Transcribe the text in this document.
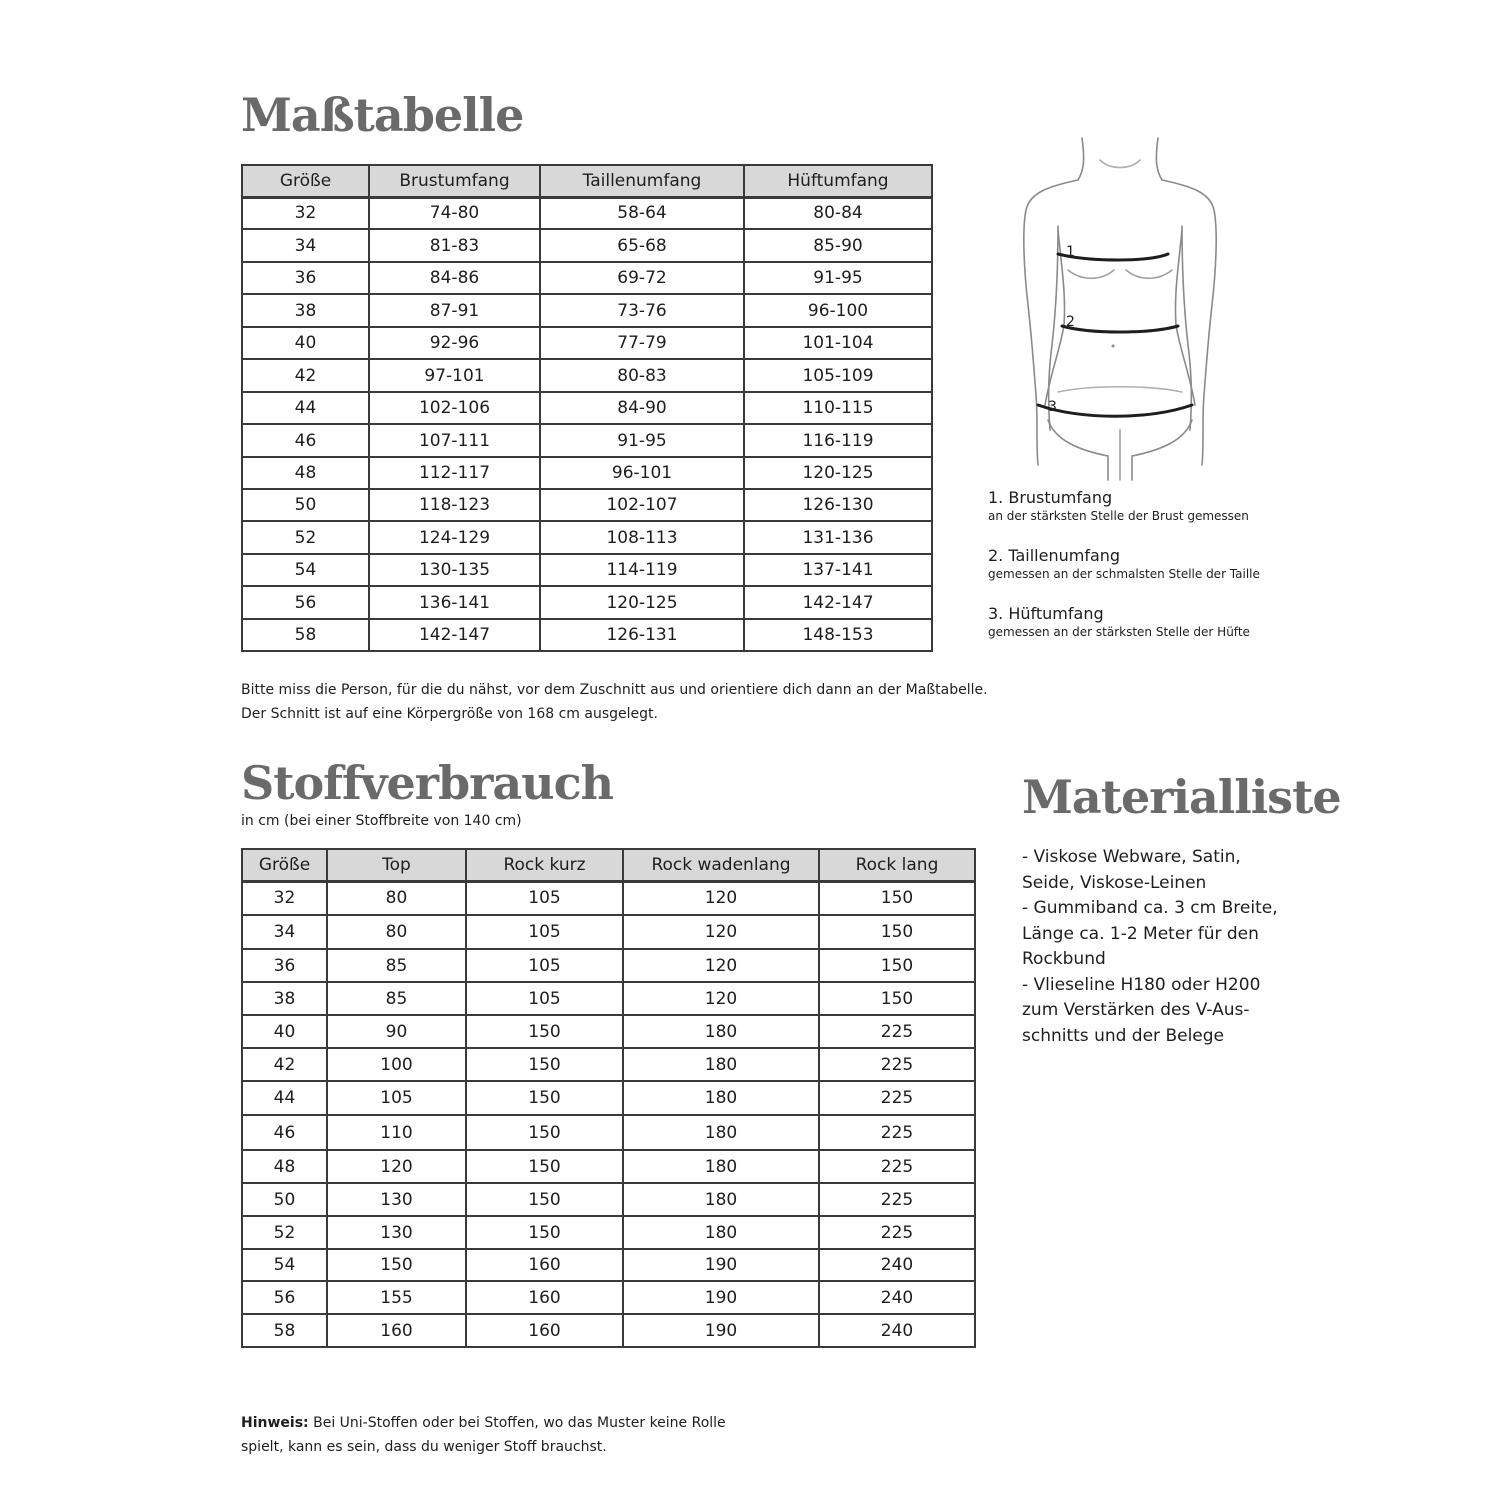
Maßtabelle
Größe	Brustumfang	Taillenumfang	Hüftumfang
32	74-80	58-64	80-84
34	81-83	65-68	85-90
36	84-86	69-72	91-95
38	87-91	73-76	96-100
40	92-96	77-79	101-104
42	97-101	80-83	105-109
44	102-106	84-90	110-115
46	107-111	91-95	116-119
48	112-117	96-101	120-125
50	118-123	102-107	126-130
52	124-129	108-113	131-136
54	130-135	114-119	137-141
56	136-141	120-125	142-147
58	142-147	126-131	148-153
Bitte miss die Person, für die du nähst, vor dem Zuschnitt aus und orientiere dich dann an der Maßtabelle.
Der Schnitt ist auf eine Körpergröße von 168 cm ausgelegt.
1
2
3
1. Brustumfang
an der stärksten Stelle der Brust gemessen
2. Taillenumfang
gemessen an der schmalsten Stelle der Taille
3. Hüftumfang
gemessen an der stärksten Stelle der Hüfte
Stoffverbrauch
in cm (bei einer Stoffbreite von 140 cm)
Größe	Top	Rock kurz	Rock wadenlang	Rock lang
32	80	105	120	150
34	80	105	120	150
36	85	105	120	150
38	85	105	120	150
40	90	150	180	225
42	100	150	180	225
44	105	150	180	225
46	110	150	180	225
48	120	150	180	225
50	130	150	180	225
52	130	150	180	225
54	150	160	190	240
56	155	160	190	240
58	160	160	190	240
Hinweis: Bei Uni-Stoffen oder bei Stoffen, wo das Muster keine Rolle
spielt, kann es sein, dass du weniger Stoff brauchst.
Materialliste
- Viskose Webware, Satin,
Seide, Viskose-Leinen
- Gummiband ca. 3 cm Breite,
Länge ca. 1-2 Meter für den
Rockbund
- Vlieseline H180 oder H200
zum Verstärken des V-Aus-
schnitts und der Belege
